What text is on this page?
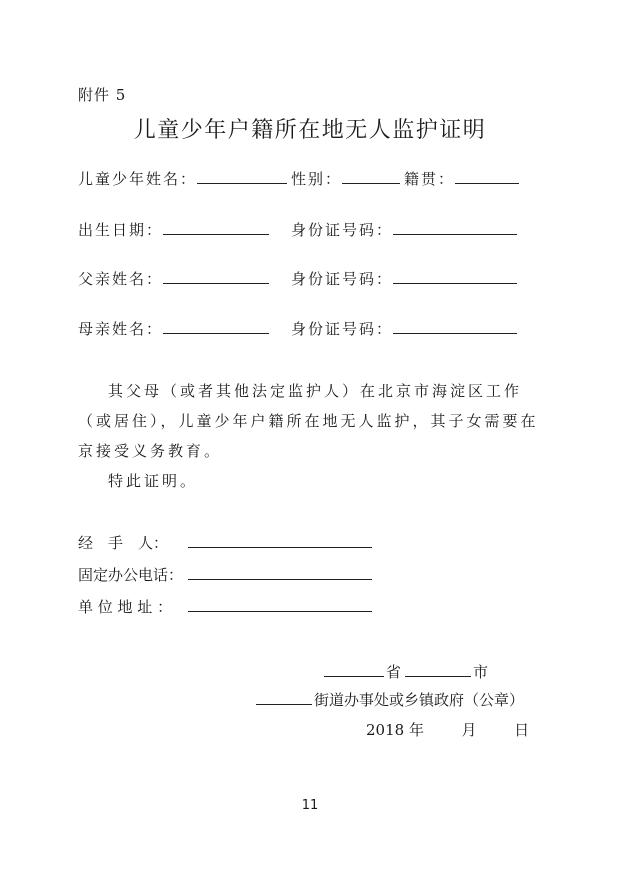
附件 5
儿童少年户籍所在地无人监护证明
儿童少年姓名：	性别：	籍贯：
出生日期：	身份证号码：
父亲姓名：	身份证号码：
母亲姓名：	身份证号码：

其父母（或者其他法定监护人）在北京市海淀区工作（或居住），儿童少年户籍所在地无人监护，其子女需要在京接受义务教育。

特此证明。

经　手　人：
固定办公电话：
单 位 地 址 ：
省	市
街道办事处或乡镇政府（公章）
2018 年	月	日
11
